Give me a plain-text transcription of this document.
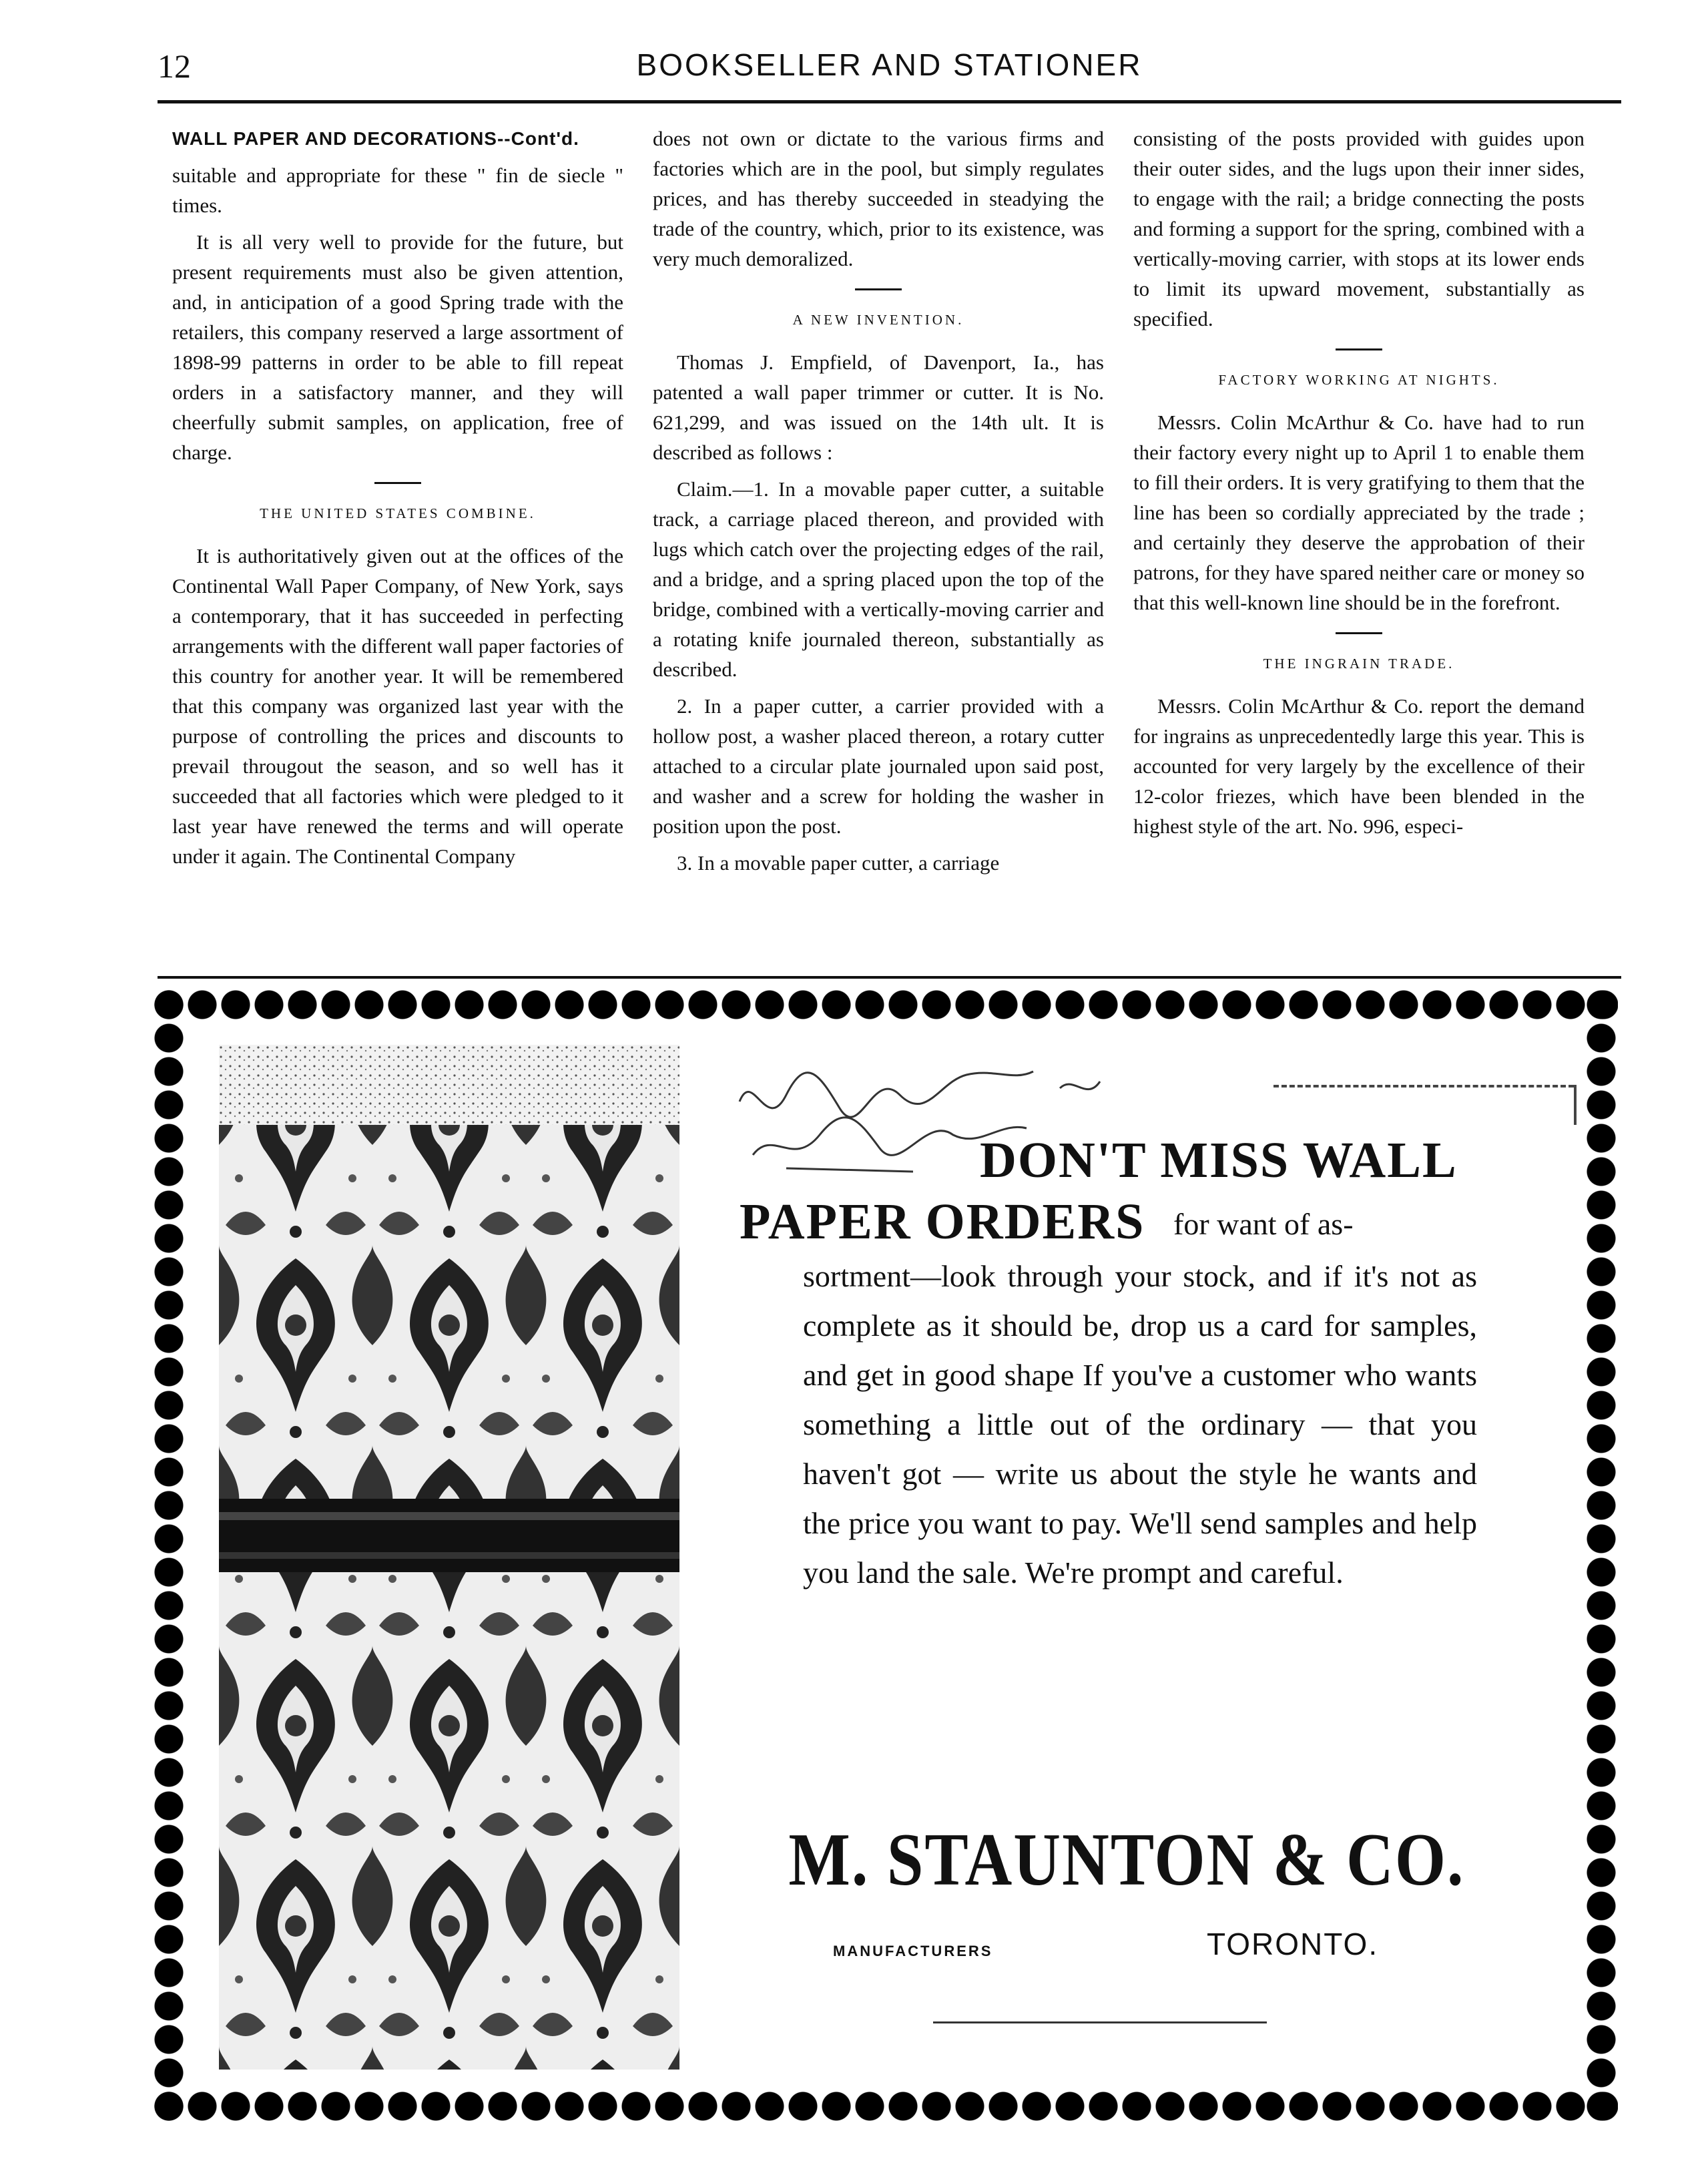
12	BOOKSELLER AND STATIONER

WALL PAPER AND DECORATIONS--Cont'd.

suitable and appropriate for these " fin de siecle " times.

It is all very well to provide for the future, but present requirements must also be given attention, and, in anticipation of a good Spring trade with the retailers, this company reserved a large assortment of 1898-99 patterns in order to be able to fill repeat orders in a satisfactory manner, and they will cheerfully submit samples, on application, free of charge.

THE UNITED STATES COMBINE.

It is authoritatively given out at the offices of the Continental Wall Paper Company, of New York, says a contemporary, that it has succeeded in perfecting arrangements with the different wall paper factories of this country for another year. It will be remembered that this company was organized last year with the purpose of controlling the prices and discounts to prevail througout the season, and so well has it succeeded that all factories which were pledged to it last year have renewed the terms and will operate under it again. The Continental Company

does not own or dictate to the various firms and factories which are in the pool, but simply regulates prices, and has thereby succeeded in steadying the trade of the country, which, prior to its existence, was very much demoralized.

A NEW INVENTION.

Thomas J. Empfield, of Davenport, Ia., has patented a wall paper trimmer or cutter. It is No. 621,299, and was issued on the 14th ult. It is described as follows :

Claim.—1. In a movable paper cutter, a suitable track, a carriage placed thereon, and provided with lugs which catch over the projecting edges of the rail, and a bridge, and a spring placed upon the top of the bridge, combined with a vertically-moving carrier and a rotating knife journaled thereon, substantially as described.

2. In a paper cutter, a carrier provided with a hollow post, a washer placed thereon, a rotary cutter attached to a circular plate journaled upon said post, and washer and a screw for holding the washer in position upon the post.

3. In a movable paper cutter, a carriage

consisting of the posts provided with guides upon their outer sides, and the lugs upon their inner sides, to engage with the rail; a bridge connecting the posts and forming a support for the spring, combined with a vertically-moving carrier, with stops at its lower ends to limit its upward movement, substantially as specified.

FACTORY WORKING AT NIGHTS.

Messrs. Colin McArthur & Co. have had to run their factory every night up to April 1 to enable them to fill their orders. It is very gratifying to them that the line has been so cordially appreciated by the trade ; and certainly they deserve the approbation of their patrons, for they have spared neither care or money so that this well-known line should be in the forefront.

THE INGRAIN TRADE.

Messrs. Colin McArthur & Co. report the demand for ingrains as unprecedentedly large this year. This is accounted for very largely by the excellence of their 12-color friezes, which have been blended in the highest style of the art. No. 996, especi-

DON'T MISS WALL
PAPER ORDERS for want of as-
sortment—look through your stock, and if it's not as complete as it should be, drop us a card for samples, and get in good shape If you've a customer who wants something a little out of the ordinary — that you haven't got — write us about the style he wants and the price you want to pay. We'll send samples and help you land the sale. We're prompt and careful.
M. STAUNTON & CO.
MANUFACTURERS	TORONTO.
